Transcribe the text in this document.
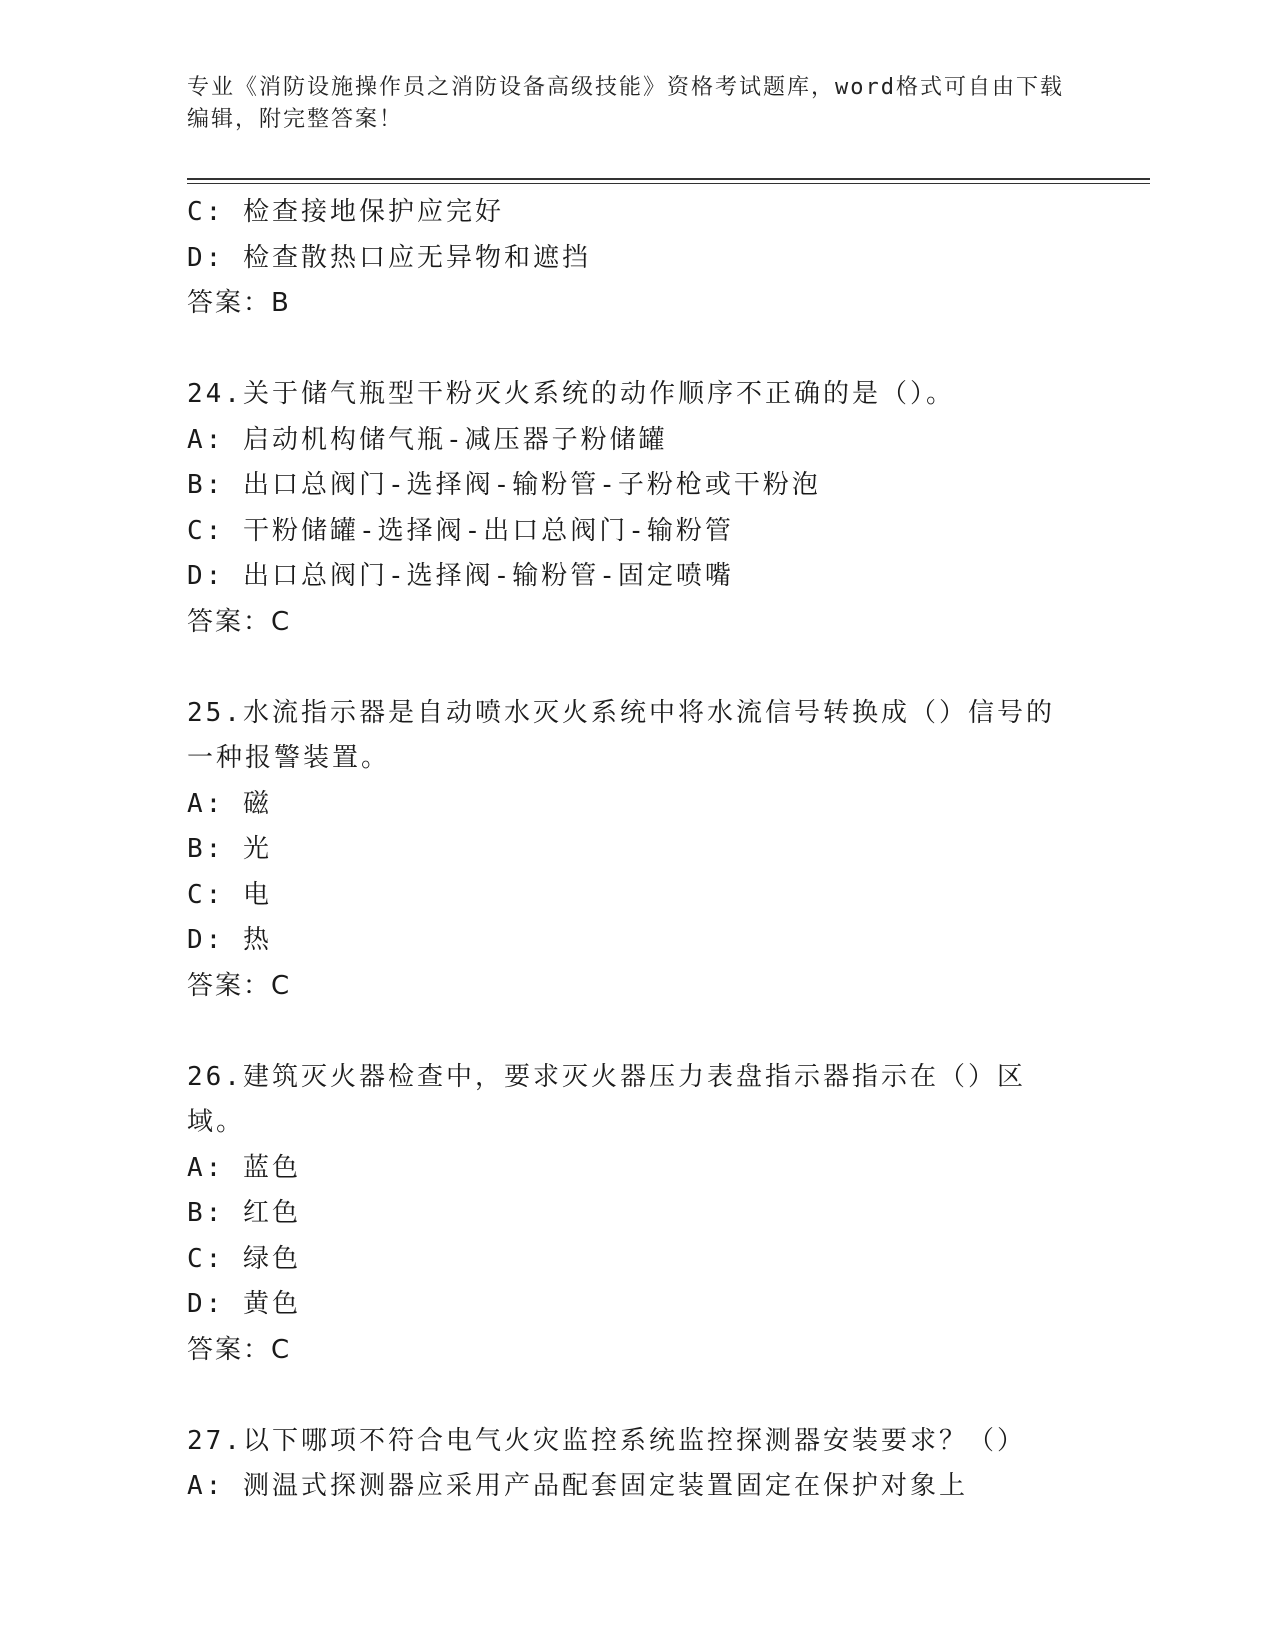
专业《消防设施操作员之消防设备高级技能》资格考试题库，word格式可自由下载编辑，附完整答案！
C: 检查接地保护应完好
D: 检查散热口应无异物和遮挡
答案：B
24.关于储气瓶型干粉灭火系统的动作顺序不正确的是（）。
A: 启动机构储气瓶-减压器子粉储罐
B: 出口总阀门-选择阀-输粉管-子粉枪或干粉泡
C: 干粉储罐-选择阀-出口总阀门-输粉管
D: 出口总阀门-选择阀-输粉管-固定喷嘴
答案：C
25.水流指示器是自动喷水灭火系统中将水流信号转换成（）信号的一种报警装置。
A: 磁
B: 光
C: 电
D: 热
答案：C
26.建筑灭火器检查中，要求灭火器压力表盘指示器指示在（）区域。
A: 蓝色
B: 红色
C: 绿色
D: 黄色
答案：C
27.以下哪项不符合电气火灾监控系统监控探测器安装要求？（）
A: 测温式探测器应采用产品配套固定装置固定在保护对象上
